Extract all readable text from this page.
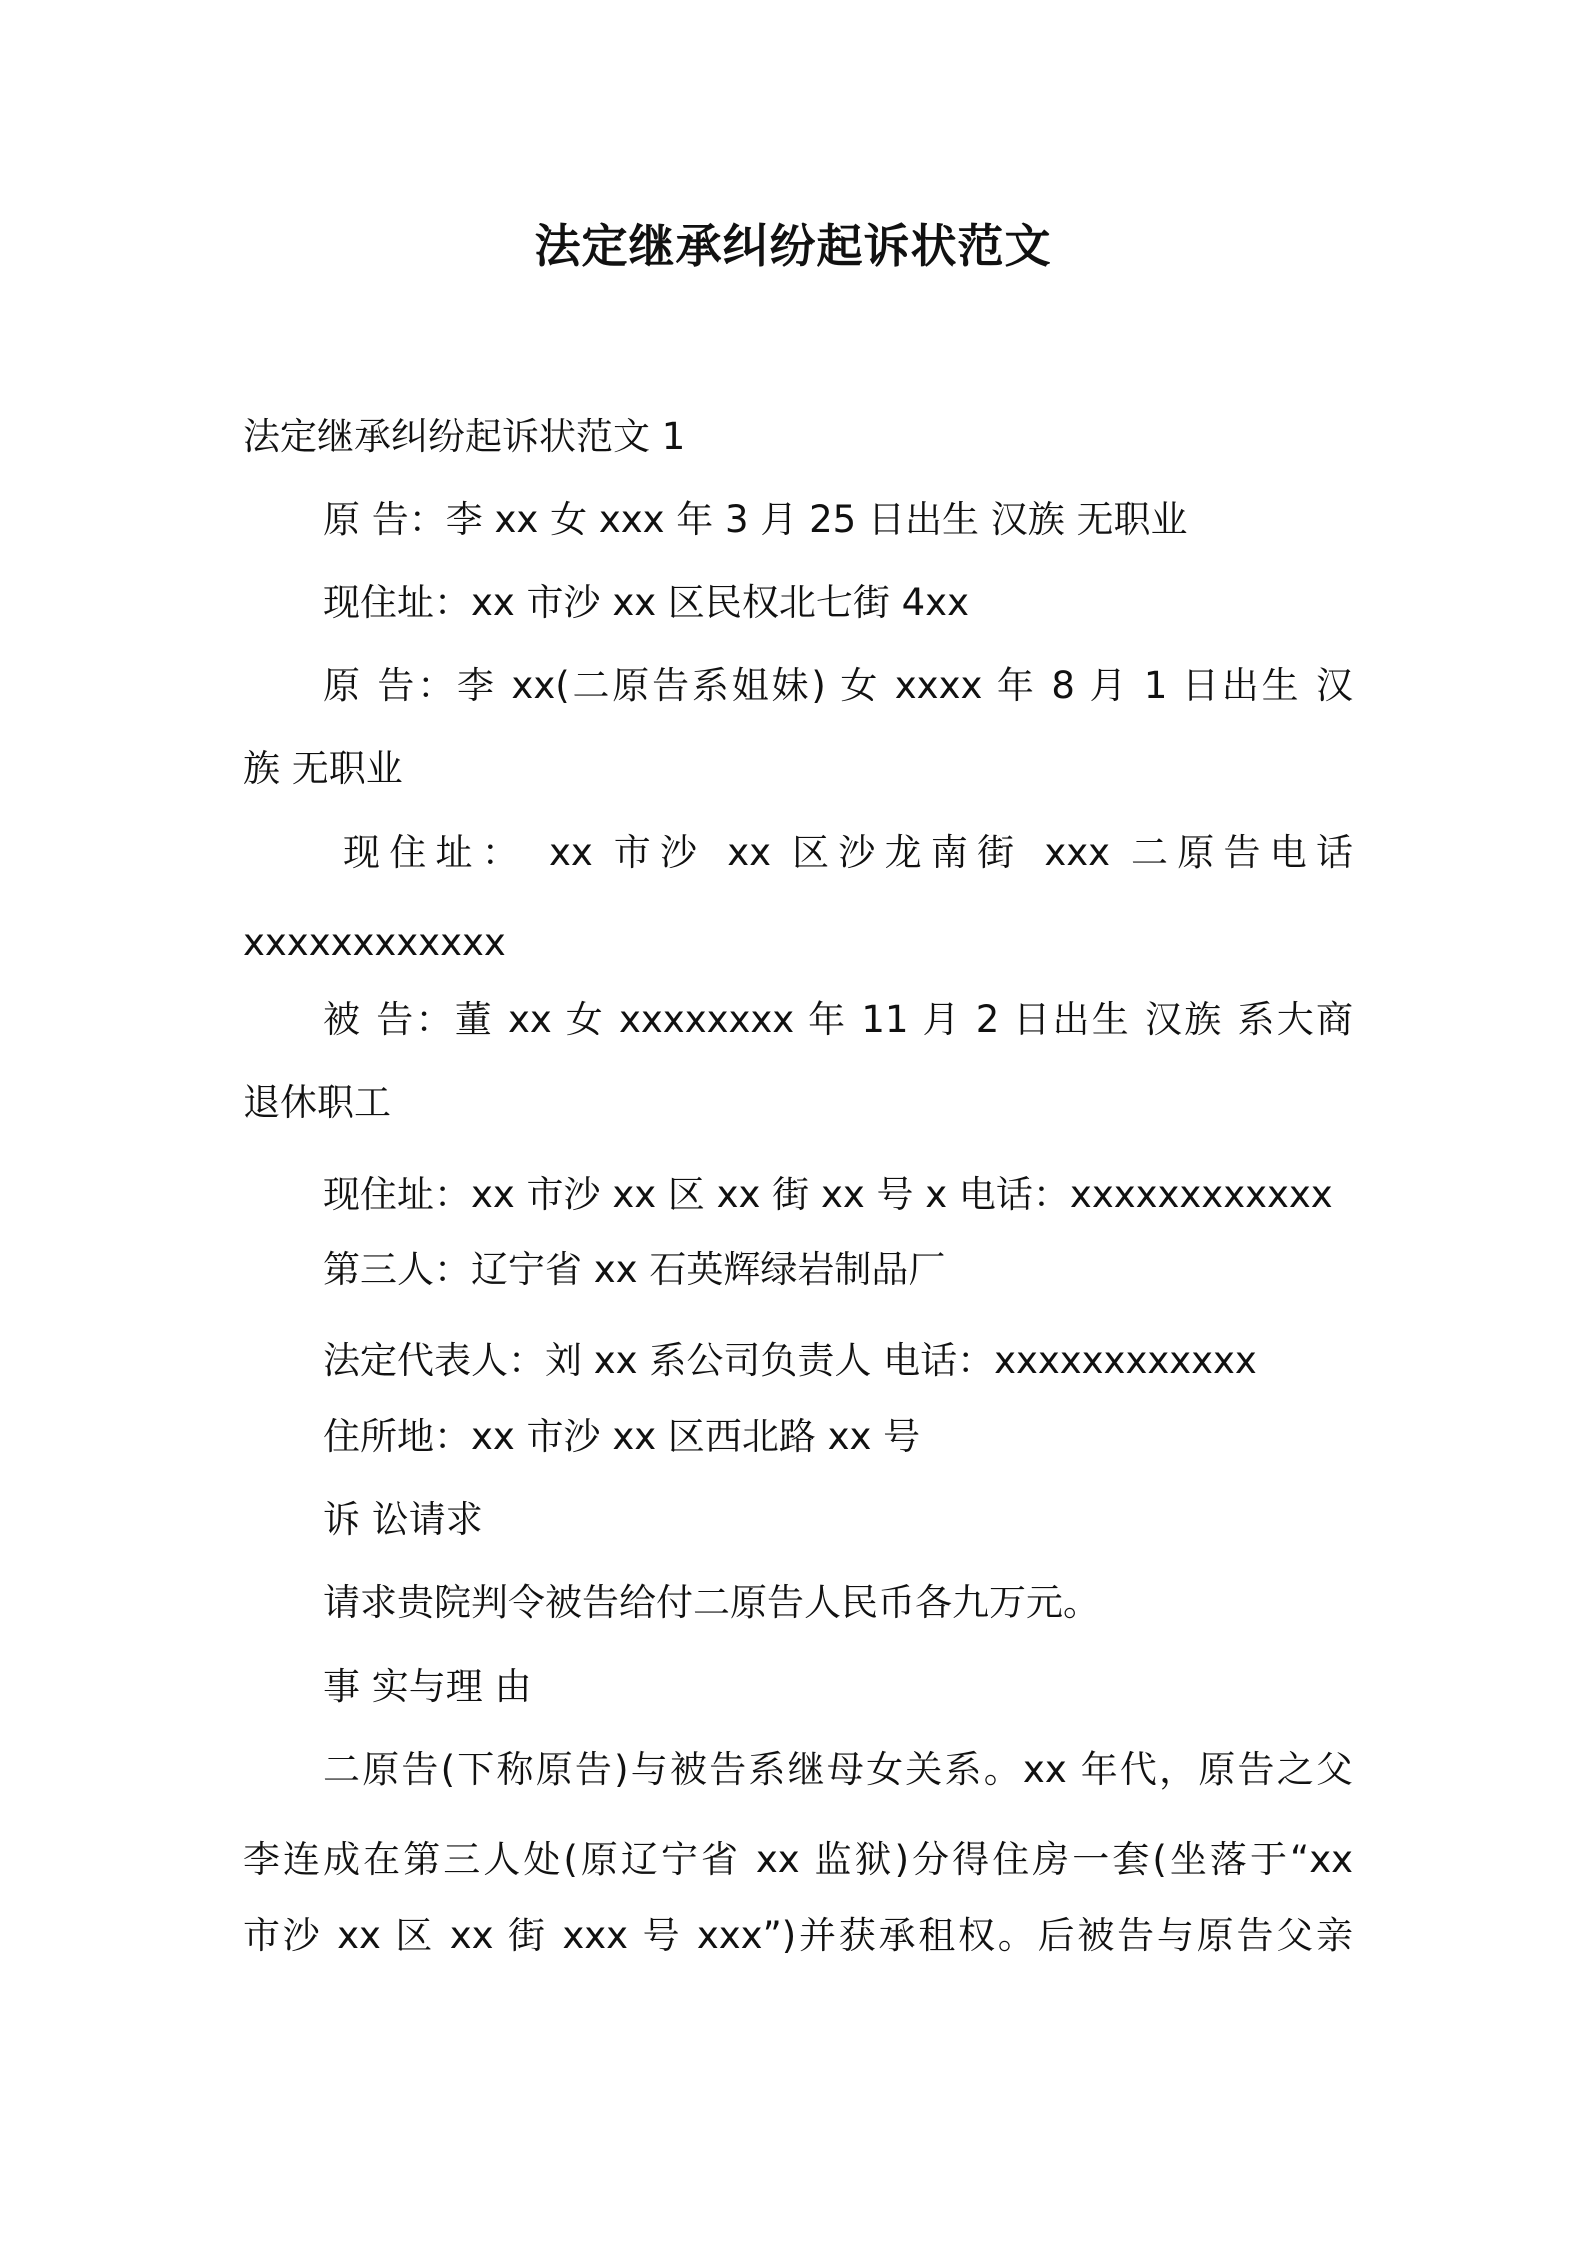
法定继承纠纷起诉状范文
法定继承纠纷起诉状范文 1
原 告：李 xx 女 xxx 年 3 月 25 日出生 汉族 无职业
现住址：xx 市沙 xx 区民权北七街 4xx
原 告：李 xx(二原告系姐妹) 女 xxxx 年 8 月 1 日出生 汉
族 无职业
现住址： xx 市沙 xx 区沙龙南街 xxx 二原告电话
xxxxxxxxxxxx
被 告：董 xx 女 xxxxxxxx 年 11 月 2 日出生 汉族 系大商
退休职工
现住址：xx 市沙 xx 区 xx 街 xx 号 x 电话：xxxxxxxxxxxx
第三人：辽宁省 xx 石英辉绿岩制品厂
法定代表人：刘 xx 系公司负责人 电话：xxxxxxxxxxxx
住所地：xx 市沙 xx 区西北路 xx 号
诉 讼请求
请求贵院判令被告给付二原告人民币各九万元。
事 实与理 由
二原告(下称原告)与被告系继母女关系。xx 年代，原告之父
李连成在第三人处(原辽宁省 xx 监狱)分得住房一套(坐落于“xx
市沙 xx 区 xx 街 xxx 号 xxx”)并获承租权。后被告与原告父亲
